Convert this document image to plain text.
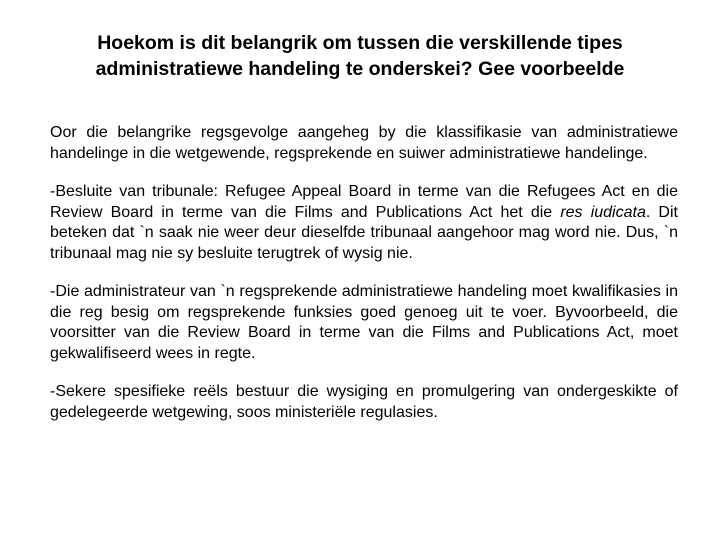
Hoekom is dit belangrik om tussen die verskillende tipes administratiewe handeling te onderskei? Gee voorbeelde

Oor die belangrike regsgevolge aangeheg by die klassifikasie van administratiewe handelinge in die wetgewende, regsprekende en suiwer administratiewe handelinge.

-Besluite van tribunale: Refugee Appeal Board in terme van die Refugees Act en die Review Board in terme van die Films and Publications Act het die res iudicata. Dit beteken dat `n saak nie weer deur dieselfde tribunaal aangehoor mag word nie. Dus, `n tribunaal mag nie sy besluite terugtrek of wysig nie.

-Die administrateur van `n regsprekende administratiewe handeling moet kwalifikasies in die reg besig om regsprekende funksies goed genoeg uit te voer. Byvoorbeeld, die voorsitter van die Review Board in terme van die Films and Publications Act, moet gekwalifiseerd wees in regte.

-Sekere spesifieke reëls bestuur die wysiging en promulgering van ondergeskikte of gedelegeerde wetgewing, soos ministeriële regulasies.
